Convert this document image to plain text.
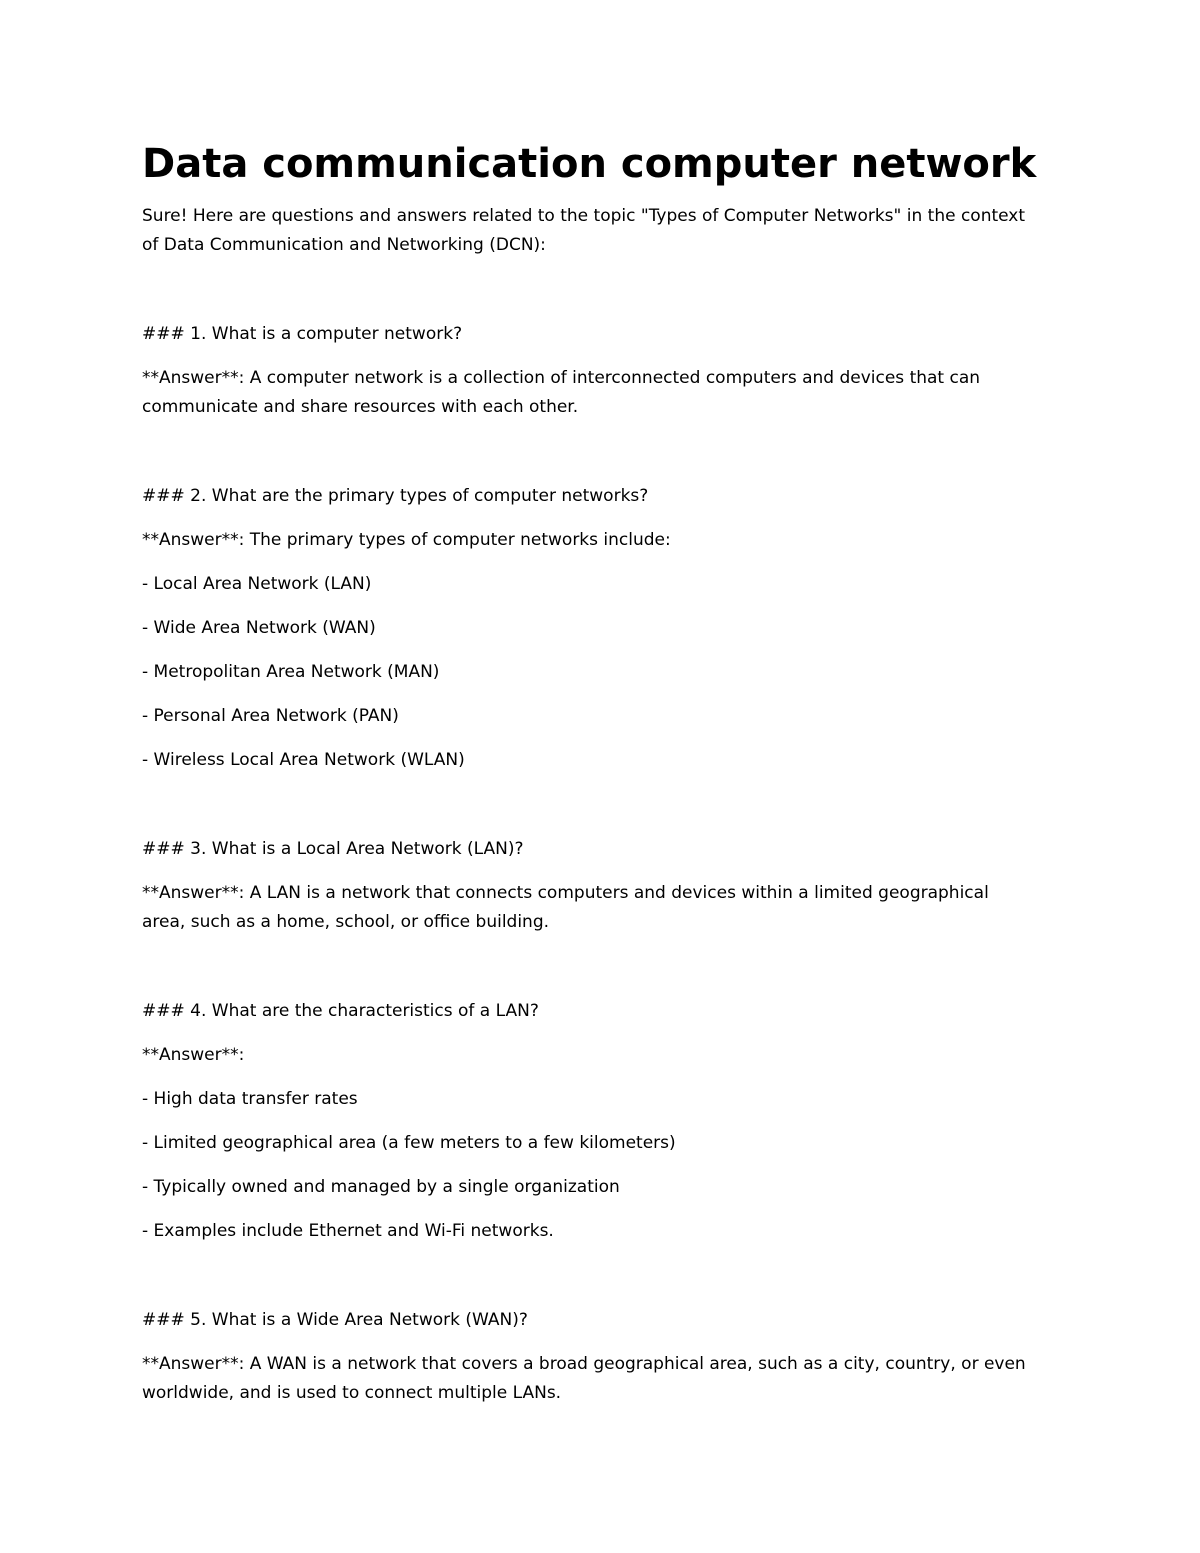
Data communication computer network

Sure! Here are questions and answers related to the topic "Types of Computer Networks" in the context

of Data Communication and Networking (DCN):

### 1. What is a computer network?

**Answer**: A computer network is a collection of interconnected computers and devices that can

communicate and share resources with each other.

### 2. What are the primary types of computer networks?

**Answer**: The primary types of computer networks include:

- Local Area Network (LAN)

- Wide Area Network (WAN)

- Metropolitan Area Network (MAN)

- Personal Area Network (PAN)

- Wireless Local Area Network (WLAN)

### 3. What is a Local Area Network (LAN)?

**Answer**: A LAN is a network that connects computers and devices within a limited geographical

area, such as a home, school, or office building.

### 4. What are the characteristics of a LAN?

**Answer**:

- High data transfer rates

- Limited geographical area (a few meters to a few kilometers)

- Typically owned and managed by a single organization

- Examples include Ethernet and Wi-Fi networks.

### 5. What is a Wide Area Network (WAN)?

**Answer**: A WAN is a network that covers a broad geographical area, such as a city, country, or even

worldwide, and is used to connect multiple LANs.
